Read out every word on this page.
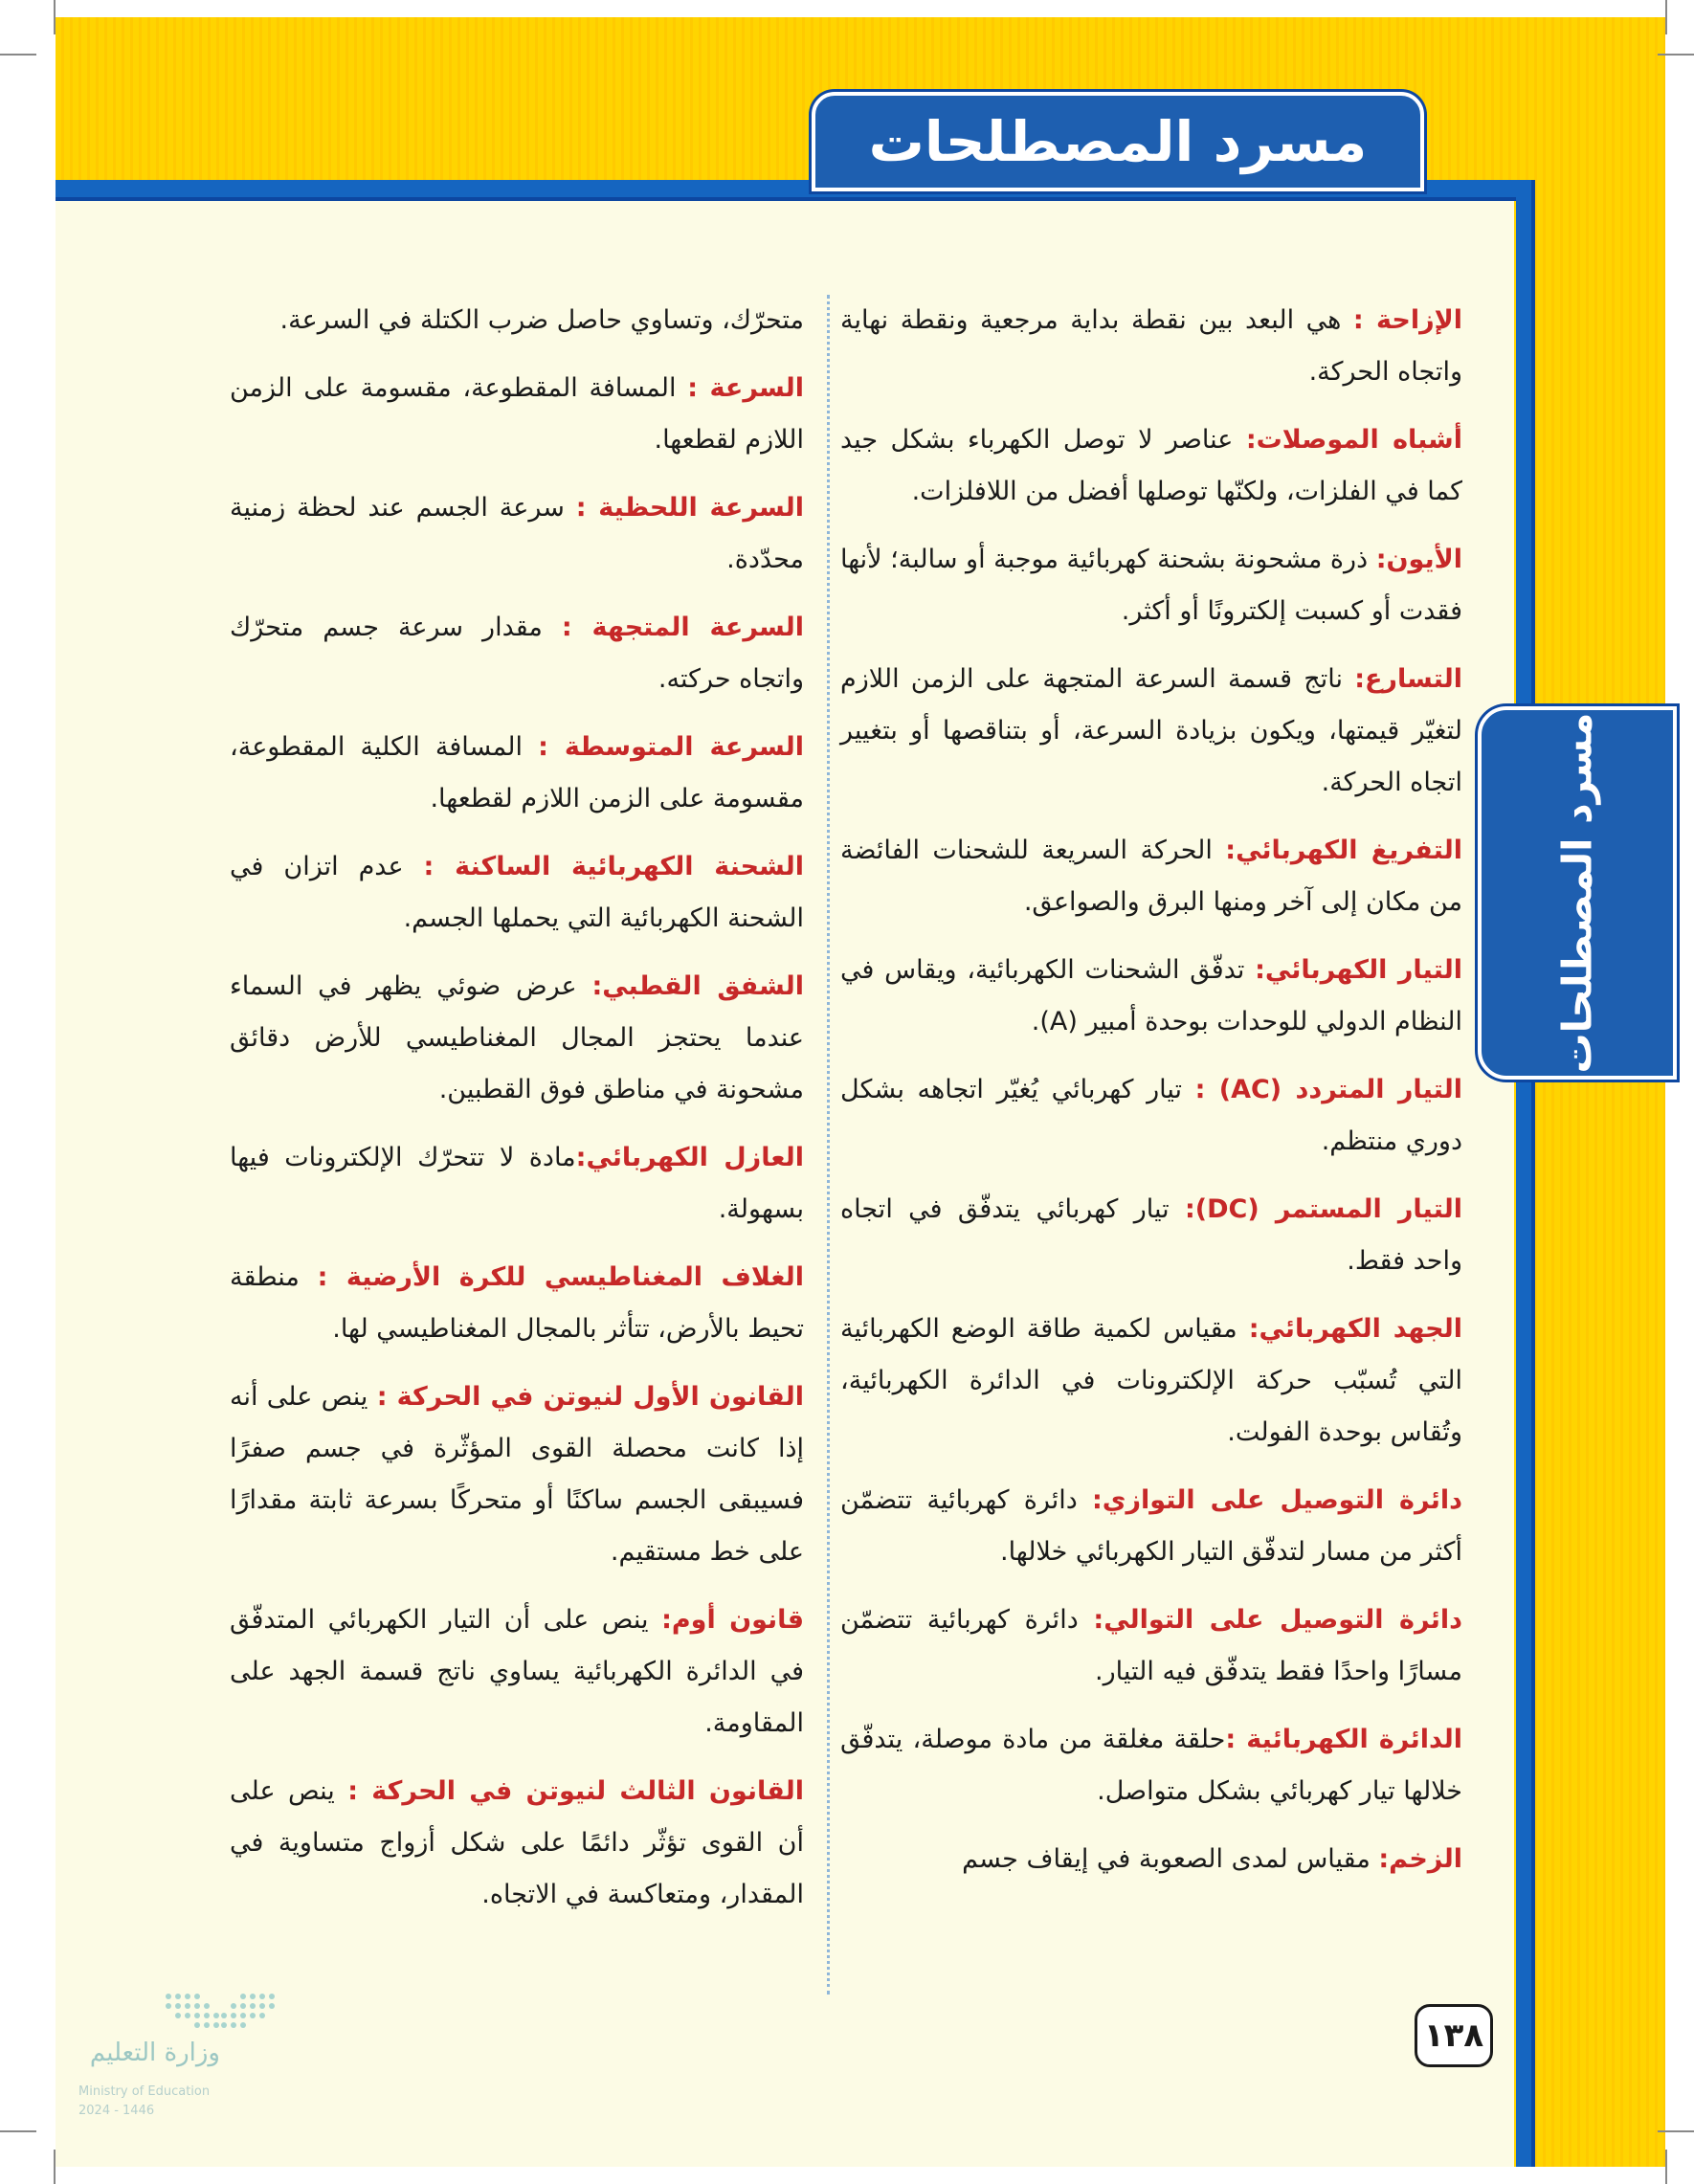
مسرد المصطلحات
مسرد المصطلحات

الإزاحة : هي البعد بين نقطة بداية مرجعية ونقطة نهاية واتجاه الحركة.

أشباه الموصلات: عناصر لا توصل الكهرباء بشكل جيد كما في الفلزات، ولكنّها توصلها أفضل من اللافلزات.

الأيون: ذرة مشحونة بشحنة كهربائية موجبة أو سالبة؛ لأنها فقدت أو كسبت إلكترونًا أو أكثر.

التسارع: ناتج قسمة السرعة المتجهة على الزمن اللازم لتغيّر قيمتها، ويكون بزيادة السرعة، أو بتناقصها أو بتغيير اتجاه الحركة.

التفريغ الكهربائي: الحركة السريعة للشحنات الفائضة من مكان إلى آخر ومنها البرق والصواعق.

التيار الكهربائي: تدفّق الشحنات الكهربائية، ويقاس في النظام الدولي للوحدات بوحدة أمبير (A).

التيار المتردد (AC) : تيار كهربائي يُغيّر اتجاهه بشكل دوري منتظم.

التيار المستمر (DC): تيار كهربائي يتدفّق في اتجاه واحد فقط.

الجهد الكهربائي: مقياس لكمية طاقة الوضع الكهربائية التي تُسبّب حركة الإلكترونات في الدائرة الكهربائية، وتُقاس بوحدة الفولت.

دائرة التوصيل على التوازي: دائرة كهربائية تتضمّن أكثر من مسار لتدفّق التيار الكهربائي خلالها.

دائرة التوصيل على التوالي: دائرة كهربائية تتضمّن مسارًا واحدًا فقط يتدفّق فيه التيار.

الدائرة الكهربائية :حلقة مغلقة من مادة موصلة، يتدفّق خلالها تيار كهربائي بشكل متواصل.

الزخم: مقياس لمدى الصعوبة في إيقاف جسم

متحرّك، وتساوي حاصل ضرب الكتلة في السرعة.

السرعة : المسافة المقطوعة، مقسومة على الزمن اللازم لقطعها.

السرعة اللحظية : سرعة الجسم عند لحظة زمنية محدّدة.

السرعة المتجهة : مقدار سرعة جسم متحرّك واتجاه حركته.

السرعة المتوسطة : المسافة الكلية المقطوعة، مقسومة على الزمن اللازم لقطعها.

الشحنة الكهربائية الساكنة : عدم اتزان في الشحنة الكهربائية التي يحملها الجسم.

الشفق القطبي: عرض ضوئي يظهر في السماء عندما يحتجز المجال المغناطيسي للأرض دقائق مشحونة في مناطق فوق القطبين.

العازل الكهربائي:مادة لا تتحرّك الإلكترونات فيها بسهولة.

الغلاف المغناطيسي للكرة الأرضية : منطقة تحيط بالأرض، تتأثر بالمجال المغناطيسي لها.

القانون الأول لنيوتن في الحركة : ينص على أنه إذا كانت محصلة القوى المؤثّرة في جسم صفرًا فسيبقى الجسم ساكنًا أو متحركًا بسرعة ثابتة مقدارًا على خط مستقيم.

قانون أوم: ينص على أن التيار الكهربائي المتدفّق في الدائرة الكهربائية يساوي ناتج قسمة الجهد على المقاومة.

القانون الثالث لنيوتن في الحركة : ينص على أن القوى تؤثّر دائمًا على شكل أزواج متساوية في المقدار، ومتعاكسة في الاتجاه.

١٣٨
وزارة التعليم
Ministry of Education
2024 - 1446
